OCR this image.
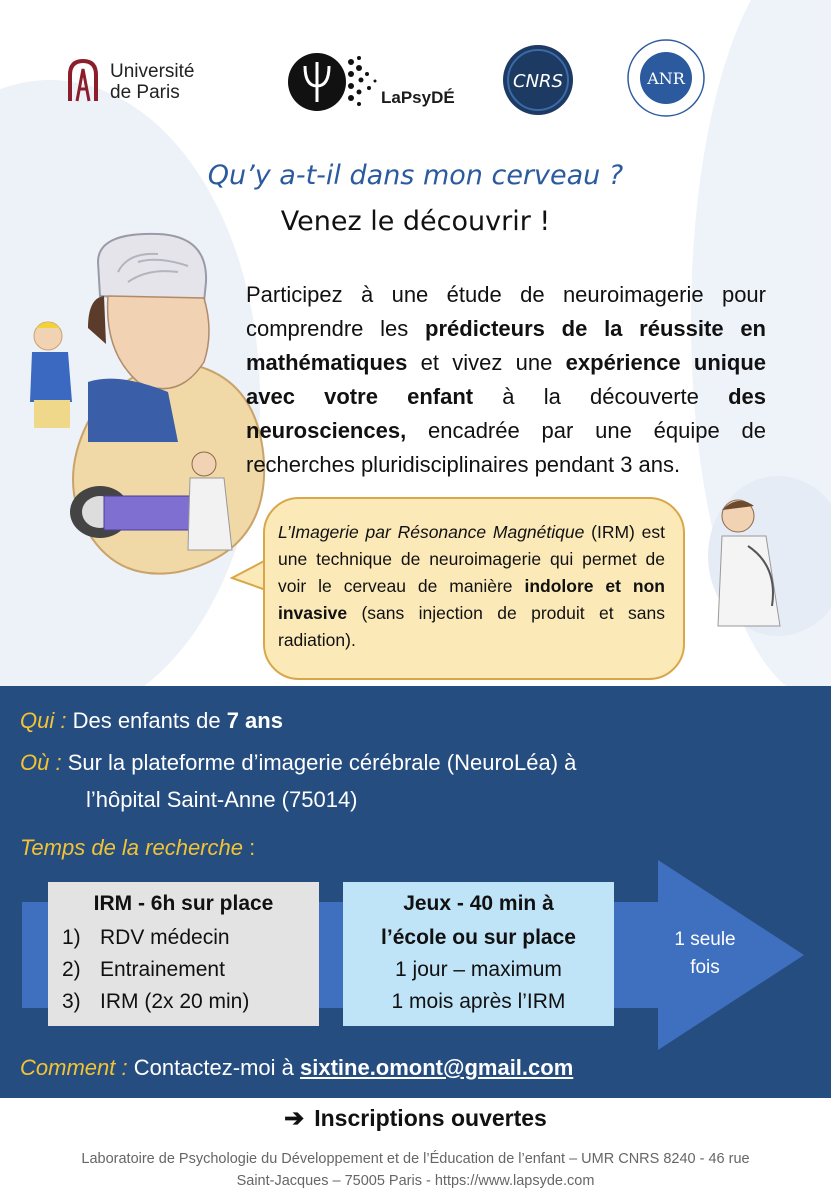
Université
de Paris	LaPsyDÉ
CNRS	ANR
Qu’y a-t-il dans mon cerveau ?
Venez le découvrir !
Participez à une étude de neuroimagerie pour comprendre les prédicteurs de la réussite en mathématiques et vivez une expérience unique avec votre enfant à la découverte des neurosciences, encadrée par une équipe de recherches pluridisciplinaires pendant 3 ans.
L’Imagerie par Résonance Magnétique (IRM) est une technique de neuroimagerie qui permet de voir le cerveau de manière indolore et non invasive (sans injection de produit et sans radiation).
Qui : Des enfants de 7 ans
Où : Sur la plateforme d’imagerie cérébrale (NeuroLéa) à
l’hôpital Saint-Anne (75014)
Temps de la recherche :
IRM - 6h sur place
1) RDV médecin
2) Entrainement
3) IRM (2x 20 min)
Jeux - 40 min à
l’école ou sur place
1 jour – maximum
1 mois après l’IRM
1 seule
fois
Comment : Contactez-moi à sixtine.omont@gmail.com
➔ Inscriptions ouvertes
Laboratoire de Psychologie du Développement et de l’Éducation de l’enfant – UMR CNRS 8240 - 46 rue
Saint-Jacques – 75005 Paris - https://www.lapsyde.com
